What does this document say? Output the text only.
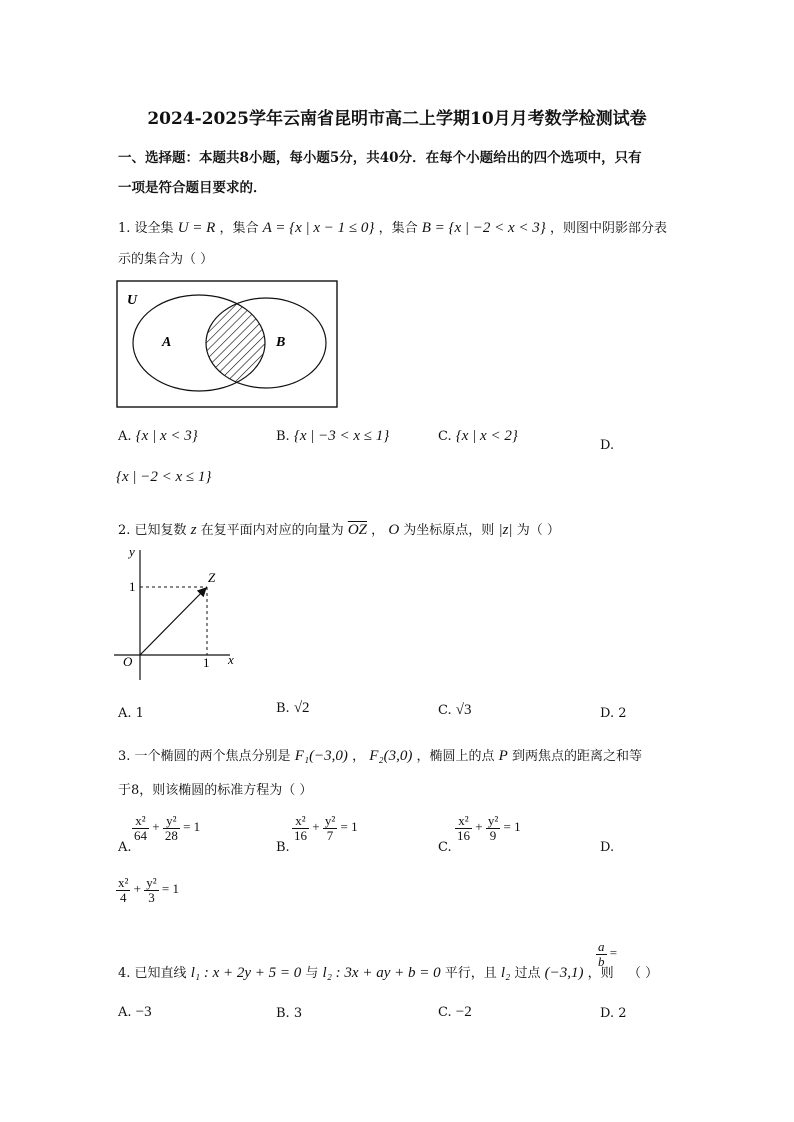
2024-2025学年云南省昆明市高二上学期10月月考数学检测试卷
一、选择题：本题共8小题，每小题5分，共40分．在每个小题给出的四个选项中，只有
一项是符合题目要求的．
1. 设全集 U = R ，集合 A = {x | x − 1 ≤ 0} ，集合 B = {x | −2 < x < 3} ，则图中阴影部分表
示的集合为（ ）
U
A	B
A. {x | x < 3}	B. {x | −3 < x ≤ 1}	C. {x | x < 2}
D.
{x | −2 < x ≤ 1}
2. 已知复数 z 在复平面内对应的向量为 $\overline{OZ}$ ， O 为坐标原点，则 |z| 为（ ）
y
x
O
Z
1
1
A. 1	B. √2	C. √3	D. 2
3. 一个椭圆的两个焦点分别是 F₁(−3,0) ， F₂(3,0) ，椭圆上的点 P 到两焦点的距离之和等
于8，则该椭圆的标准方程为（ ）
A.
$\frac{\text{x²}}{64} + \frac{\text{y²}}{28} = 1$
B.
$\frac{\text{x²}}{16} + \frac{\text{y²}}{7} = 1$
C.
$\frac{\text{x²}}{16} + \frac{\text{y²}}{9} = 1$
D.
$\frac{\text{x²}}{4} + \frac{\text{y²}}{3} = 1$
4. 已知直线 l₁ : x + 2y + 5 = 0 与 l₂ : 3x + ay + b = 0 平行，且 l₂ 过点 (−3,1) ，则
$\frac{a}{b}$ =
（ ）
A. −3	B. 3	C. −2	D. 2
